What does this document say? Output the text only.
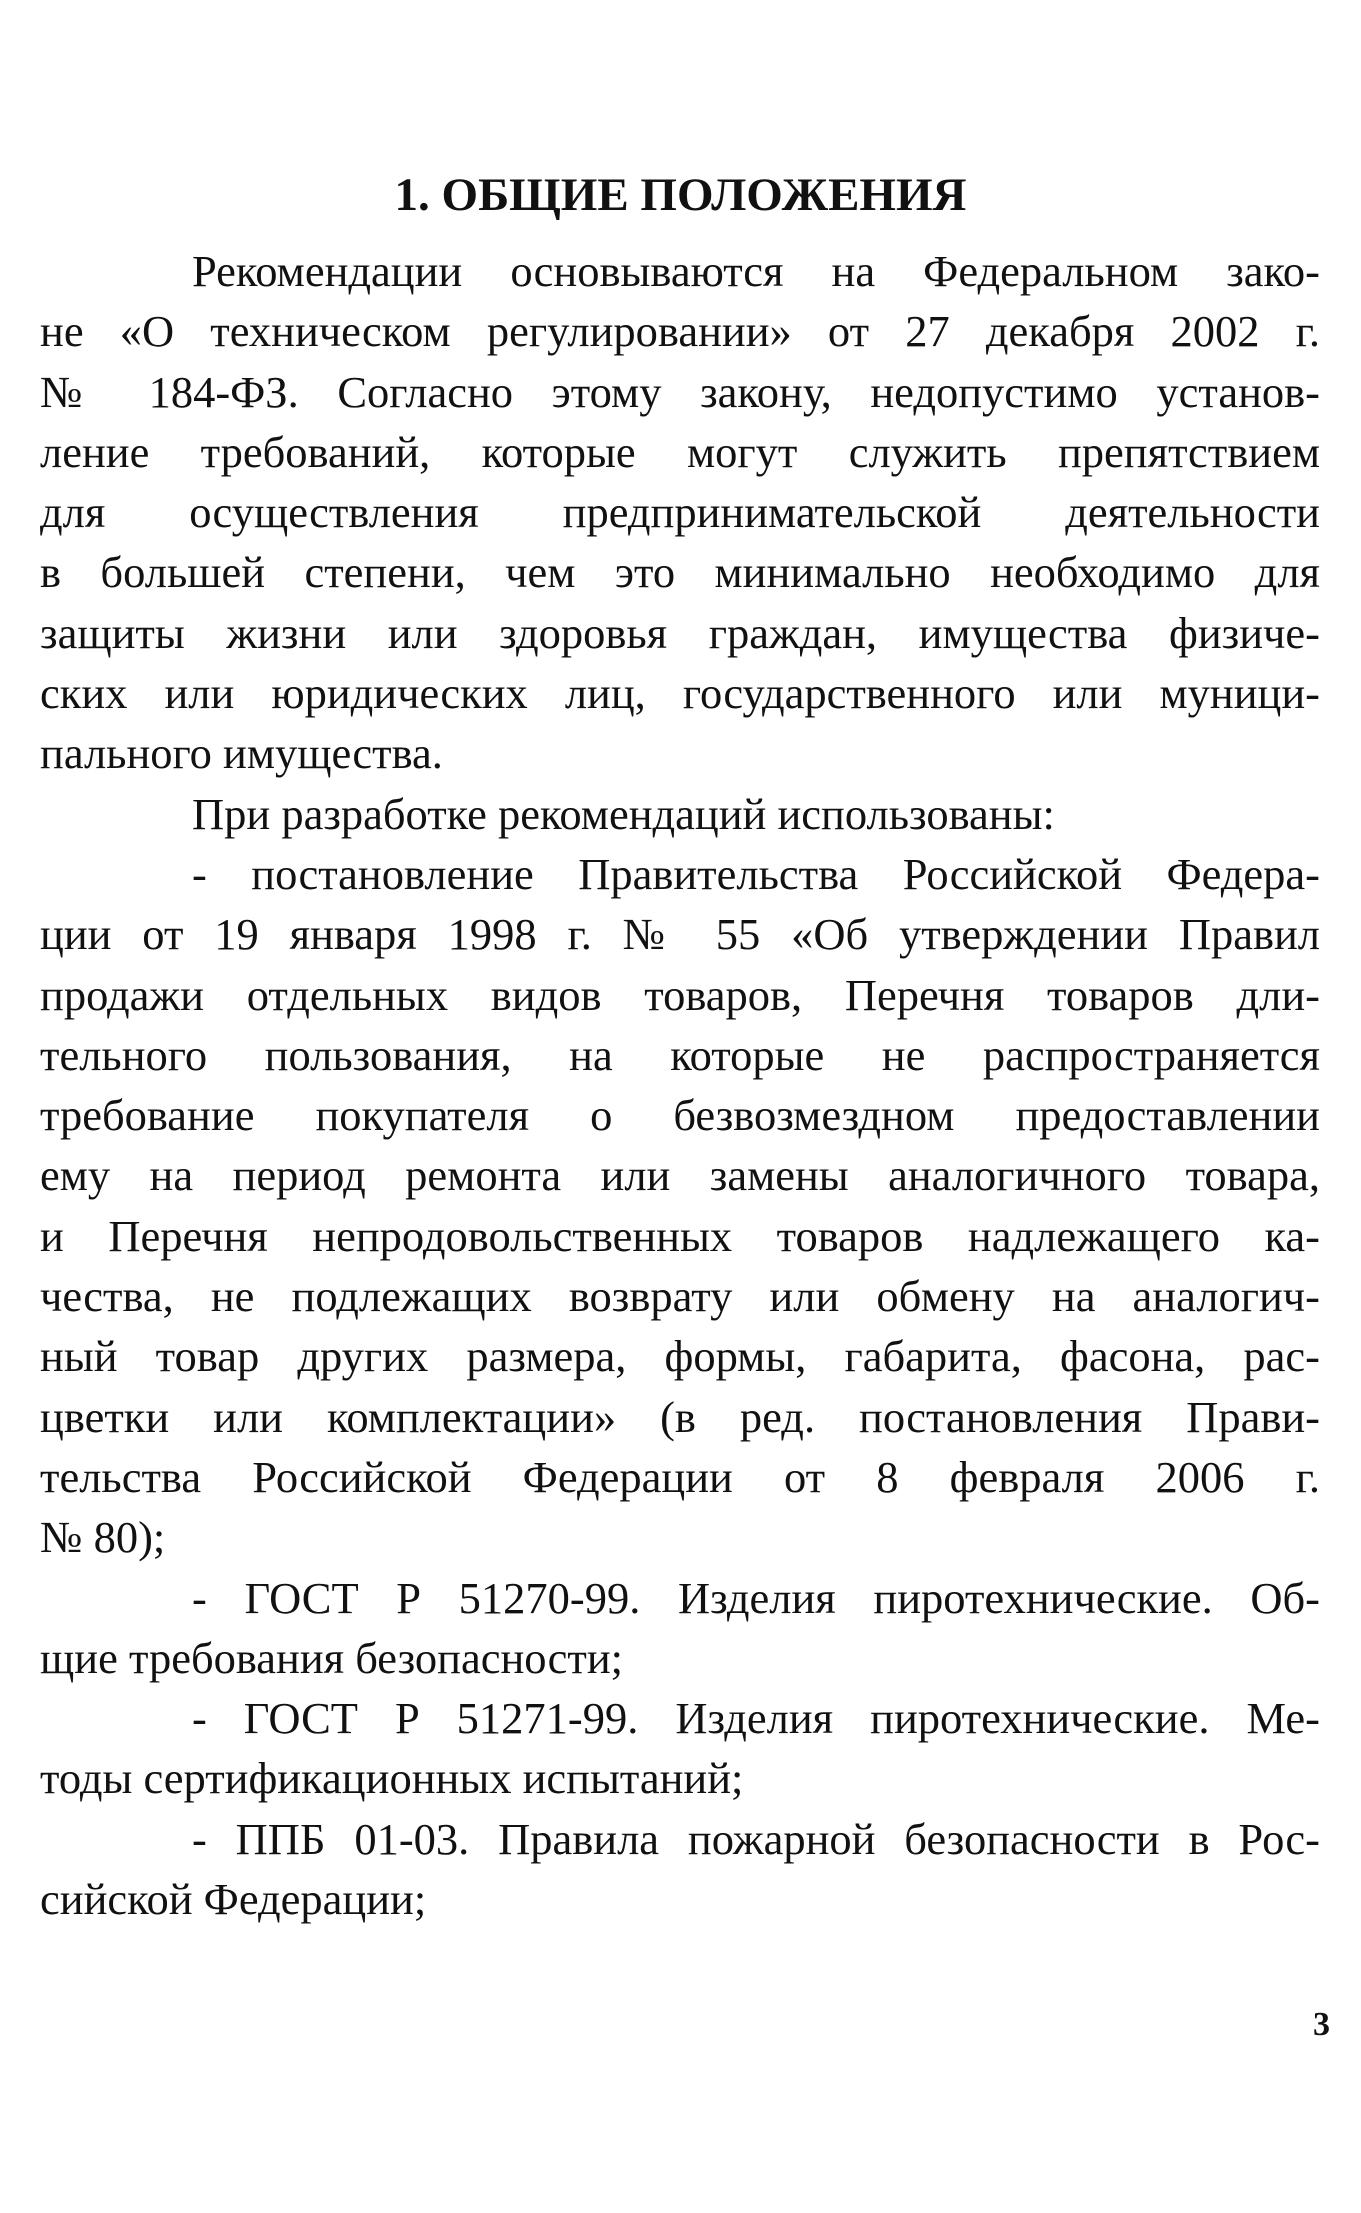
1. ОБЩИЕ ПОЛОЖЕНИЯ
Рекомендации основываются на Федеральном зако-
не «О техническом регулировании» от 27 декабря 2002 г.
№ 184-ФЗ. Согласно этому закону, недопустимо установ-
ление требований, которые могут служить препятствием
для осуществления предпринимательской деятельности
в большей степени, чем это минимально необходимо для
защиты жизни или здоровья граждан, имущества физиче-
ских или юридических лиц, государственного или муници-
пального имущества.
При разработке рекомендаций использованы:
- постановление Правительства Российской Федера-
ции от 19 января 1998 г. № 55 «Об утверждении Правил
продажи отдельных видов товаров, Перечня товаров дли-
тельного пользования, на которые не распространяется
требование покупателя о безвозмездном предоставлении
ему на период ремонта или замены аналогичного товара,
и Перечня непродовольственных товаров надлежащего ка-
чества, не подлежащих возврату или обмену на аналогич-
ный товар других размера, формы, габарита, фасона, рас-
цветки или комплектации» (в ред. постановления Прави-
тельства Российской Федерации от 8 февраля 2006 г.
№ 80);
- ГОСТ Р 51270-99. Изделия пиротехнические. Об-
щие требования безопасности;
- ГОСТ Р 51271-99. Изделия пиротехнические. Ме-
тоды сертификационных испытаний;
- ППБ 01-03. Правила пожарной безопасности в Рос-
сийской Федерации;
3
